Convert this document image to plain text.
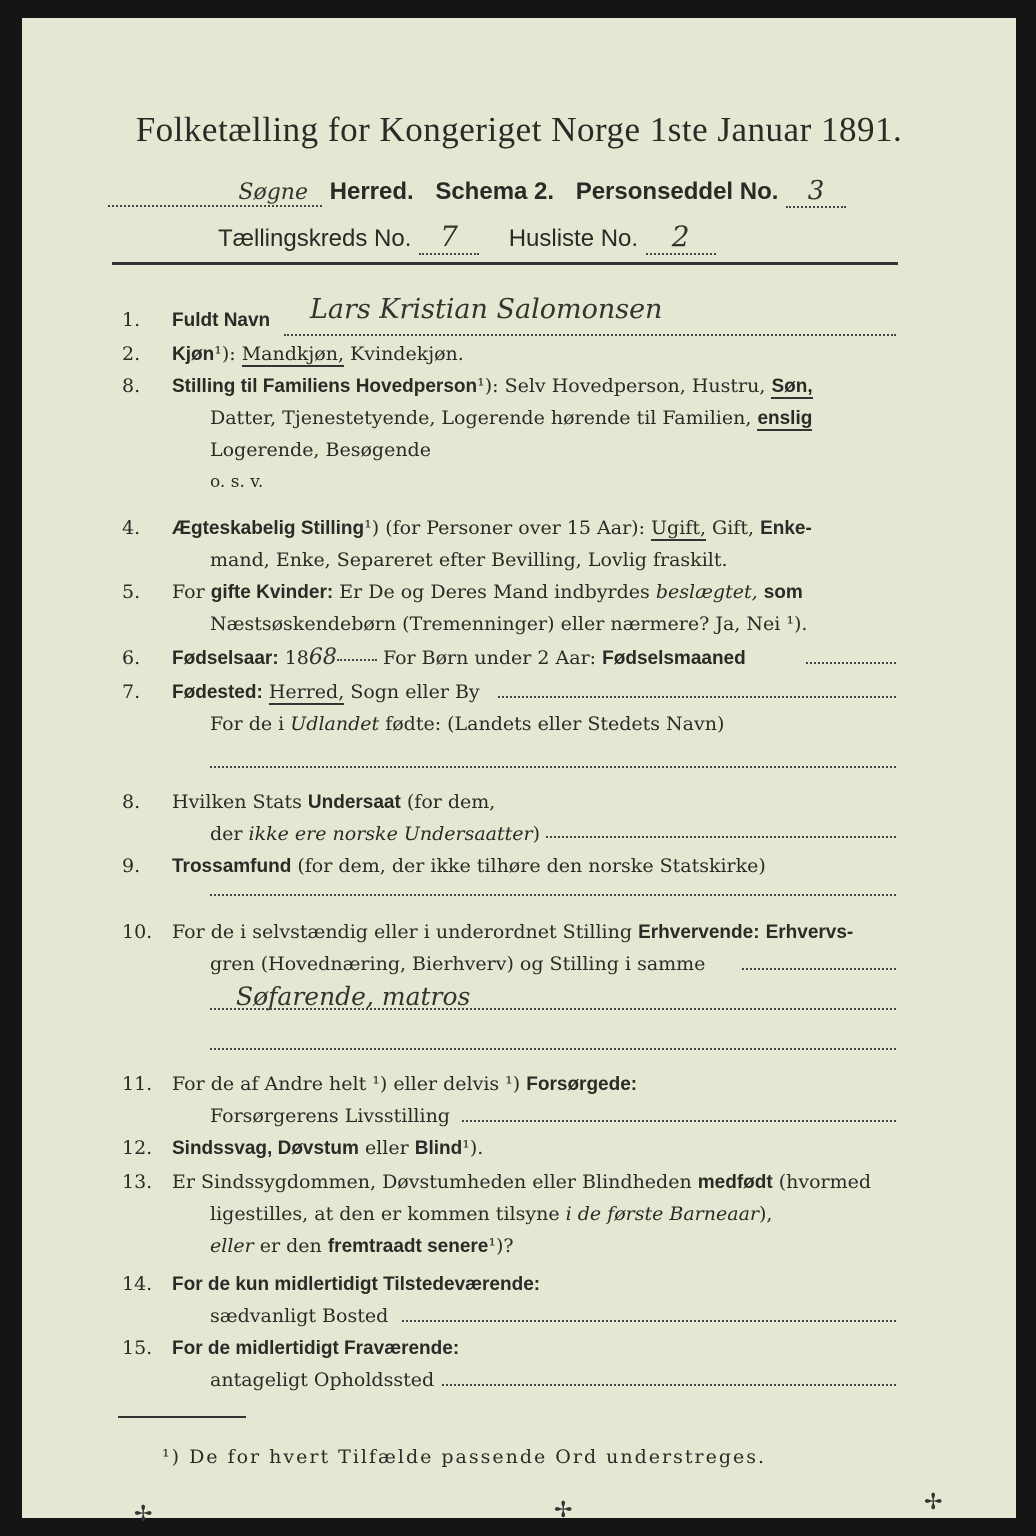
Folketælling for Kongeriget Norge 1ste Januar 1891.
Søgne Herred. Schema 2. Personseddel No. 3
Tællingskreds No. 7 Husliste No. 2
1. Fuldt Navn Lars Kristian Salomonsen
2. Kjøn¹): Mandkjøn, Kvindekjøn.
8. Stilling til Familiens Hovedperson¹): Selv Hovedperson, Hustru, Søn,
Datter, Tjenestetyende, Logerende hørende til Familien, enslig
Logerende, Besøgende
o. s. v.
4. Ægteskabelig Stilling¹) (for Personer over 15 Aar): Ugift, Gift, Enke-
mand, Enke, Separeret efter Bevilling, Lovlig fraskilt.
5. For gifte Kvinder: Er De og Deres Mand indbyrdes beslægtet, som
Næstsøskendebørn (Tremenninger) eller nærmere? Ja, Nei ¹).
6. Fødselsaar: 1868 For Børn under 2 Aar: Fødselsmaaned
7. Fødested: Herred, Sogn eller By
For de i Udlandet fødte: (Landets eller Stedets Navn)
8. Hvilken Stats Undersaat (for dem,
der ikke ere norske Undersaatter)
9. Trossamfund (for dem, der ikke tilhøre den norske Statskirke)
10. For de i selvstændig eller i underordnet Stilling Erhvervende: Erhvervs-
gren (Hovednæring, Bierhverv) og Stilling i samme
Søfarende, matros
11. For de af Andre helt ¹) eller delvis ¹) Forsørgede:
Forsørgerens Livsstilling
12. Sindssvag, Døvstum eller Blind¹).
13. Er Sindssygdommen, Døvstumheden eller Blindheden medfødt (hvormed
ligestilles, at den er kommen tilsyne i de første Barneaar),
eller er den fremtraadt senere¹)?
14. For de kun midlertidigt Tilstedeværende:
sædvanligt Bosted
15. For de midlertidigt Fraværende:
antageligt Opholdssted
¹) De for hvert Tilfælde passende Ord understreges.
✢	✢	✢
